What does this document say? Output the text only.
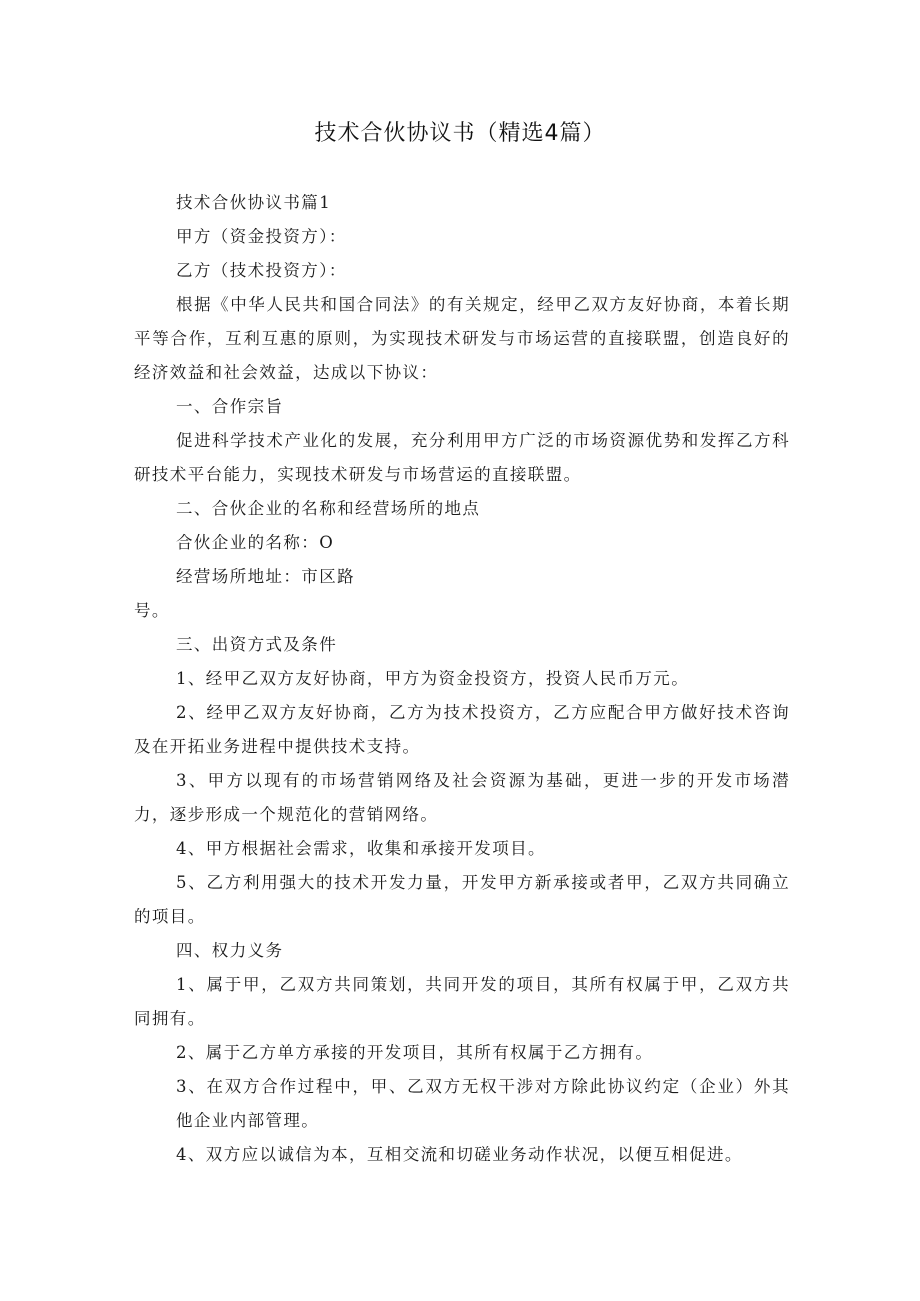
技术合伙协议书（精选4篇）

技术合伙协议书篇1

甲方（资金投资方）：

乙方（技术投资方）：

根据《中华人民共和国合同法》的有关规定，经甲乙双方友好协商，本着长期平等合作，互利互惠的原则，为实现技术研发与市场运营的直接联盟，创造良好的经济效益和社会效益，达成以下协议：

一、合作宗旨

促进科学技术产业化的发展，充分利用甲方广泛的市场资源优势和发挥乙方科研技术平台能力，实现技术研发与市场营运的直接联盟。

二、合伙企业的名称和经营场所的地点

合伙企业的名称：O

经营场所地址：市区路

号。

三、出资方式及条件

1、经甲乙双方友好协商，甲方为资金投资方，投资人民币万元。

2、经甲乙双方友好协商，乙方为技术投资方，乙方应配合甲方做好技术咨询及在开拓业务进程中提供技术支持。

3、甲方以现有的市场营销网络及社会资源为基础，更进一步的开发市场潜力，逐步形成一个规范化的营销网络。

4、甲方根据社会需求，收集和承接开发项目。

5、乙方利用强大的技术开发力量，开发甲方新承接或者甲，乙双方共同确立的项目。

四、权力义务

1、属于甲，乙双方共同策划，共同开发的项目，其所有权属于甲，乙双方共同拥有。

2、属于乙方单方承接的开发项目，其所有权属于乙方拥有。

3、在双方合作过程中，甲、乙双方无权干涉对方除此协议约定（企业）外其他企业内部管理。

4、双方应以诚信为本，互相交流和切磋业务动作状况，以便互相促进。
